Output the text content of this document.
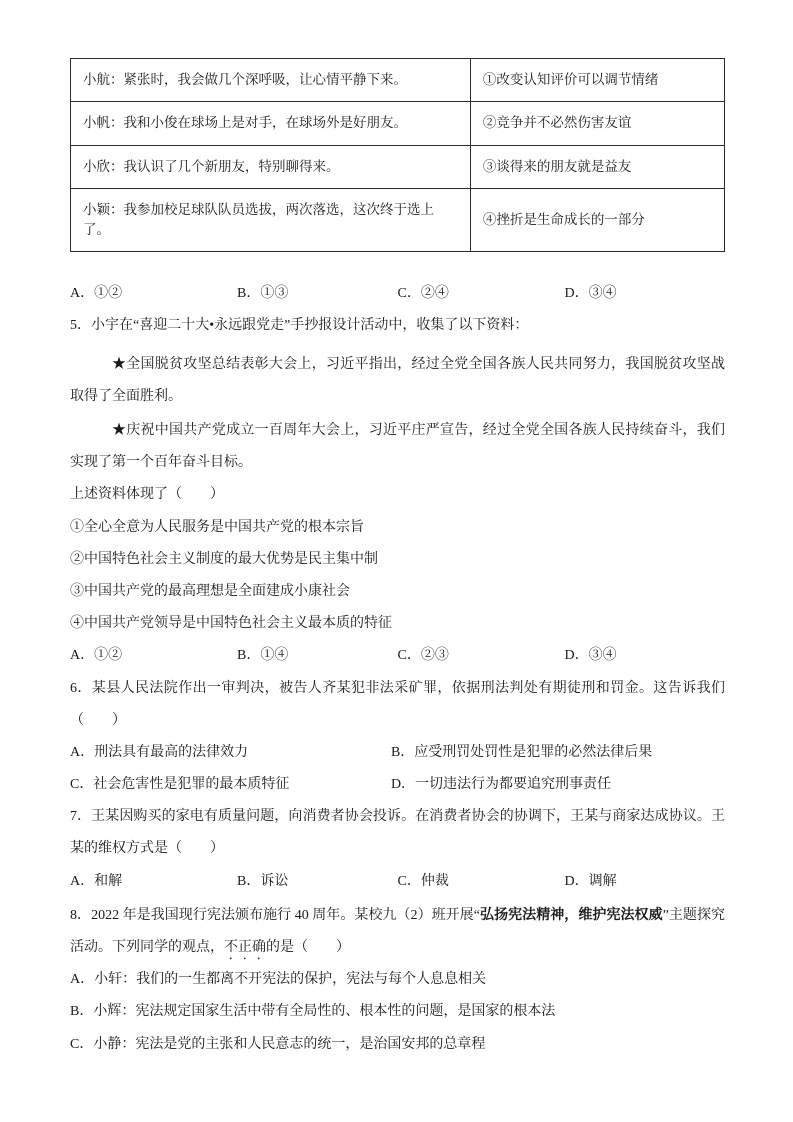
小航：紧张时，我会做几个深呼吸，让心情平静下来。	①改变认知评价可以调节情绪
小帆：我和小俊在球场上是对手，在球场外是好朋友。	②竞争并不必然伤害友谊
小欣：我认识了几个新朋友，特别聊得来。	③谈得来的朋友就是益友
小颖：我参加校足球队队员选拔，两次落选，这次终于选上了。	④挫折是生命成长的一部分
A．①②	B．①③	C．②④	D．③④

5．小宇在“喜迎二十大•永远跟党走”手抄报设计活动中，收集了以下资料：

★全国脱贫攻坚总结表彰大会上，习近平指出，经过全党全国各族人民共同努力，我国脱贫攻坚战取得了全面胜利。

★庆祝中国共产党成立一百周年大会上，习近平庄严宣告，经过全党全国各族人民持续奋斗，我们实现了第一个百年奋斗目标。

上述资料体现了（　　）

①全心全意为人民服务是中国共产党的根本宗旨

②中国特色社会主义制度的最大优势是民主集中制

③中国共产党的最高理想是全面建成小康社会

④中国共产党领导是中国特色社会主义最本质的特征

A．①②	B．①④	C．②③	D．③④

6．某县人民法院作出一审判决，被告人齐某犯非法采矿罪，依据刑法判处有期徒刑和罚金。这告诉我们（　　）

A．刑法具有最高的法律效力	B．应受刑罚处罚性是犯罪的必然法律后果
C．社会危害性是犯罪的最本质特征	D．一切违法行为都要追究刑事责任

7．王某因购买的家电有质量问题，向消费者协会投诉。在消费者协会的协调下，王某与商家达成协议。王某的维权方式是（　　）

A．和解	B．诉讼	C．仲裁	D．调解

8．2022 年是我国现行宪法颁布施行 40 周年。某校九（2）班开展“弘扬宪法精神，维护宪法权威”主题探究活动。下列同学的观点，不正确的是（　　）

A．小轩：我们的一生都离不开宪法的保护，宪法与每个人息息相关

B．小辉：宪法规定国家生活中带有全局性的、根本性的问题，是国家的根本法

C．小静：宪法是党的主张和人民意志的统一，是治国安邦的总章程
